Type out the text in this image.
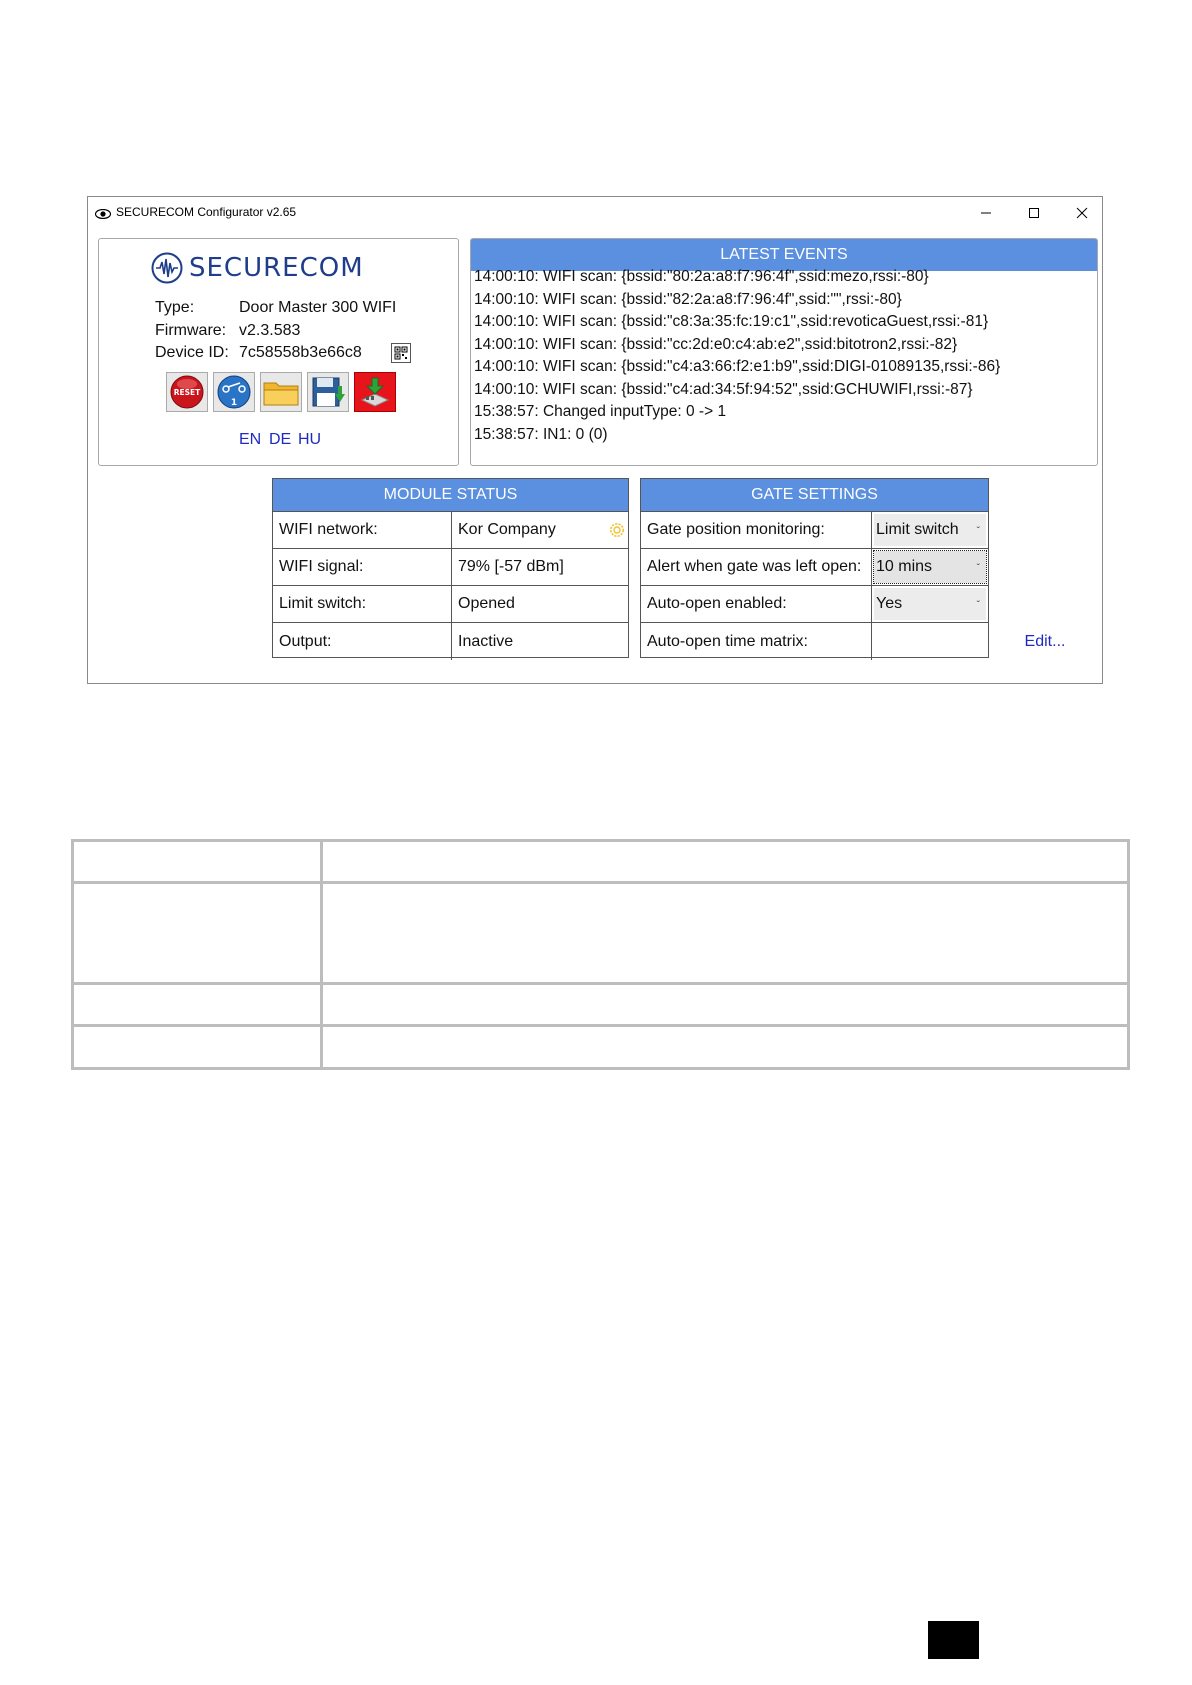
SECURECOM Configurator v2.65
SECURECOM
Type:	Door Master 300 WIFI
Firmware: v2.3.583
Device ID: 7c58558b3e66c8
RESET
1
EN DE HU
LATEST EVENTS
14:00:10: WIFI scan: {bssid:"80:2a:a8:f7:96:4f",ssid:mezo,rssi:-80}
14:00:10: WIFI scan: {bssid:"82:2a:a8:f7:96:4f",ssid:"",rssi:-80}
14:00:10: WIFI scan: {bssid:"c8:3a:35:fc:19:c1",ssid:revoticaGuest,rssi:-81}
14:00:10: WIFI scan: {bssid:"cc:2d:e0:c4:ab:e2",ssid:bitotron2,rssi:-82}
14:00:10: WIFI scan: {bssid:"c4:a3:66:f2:e1:b9",ssid:DIGI-01089135,rssi:-86}
14:00:10: WIFI scan: {bssid:"c4:ad:34:5f:94:52",ssid:GCHUWIFI,rssi:-87}
15:38:57: Changed inputType: 0 -> 1
15:38:57: IN1: 0 (0)
MODULE STATUS
WIFI network:	Kor Company
WIFI signal:	79% [-57 dBm]
Limit switch:	Opened
Output:	Inactive
GATE SETTINGS
Gate position monitoring:	Limit switch ˇ
Alert when gate was left open: 10 mins	ˇ
Auto-open enabled:	Yes	ˇ
Auto-open time matrix:	Edit...
